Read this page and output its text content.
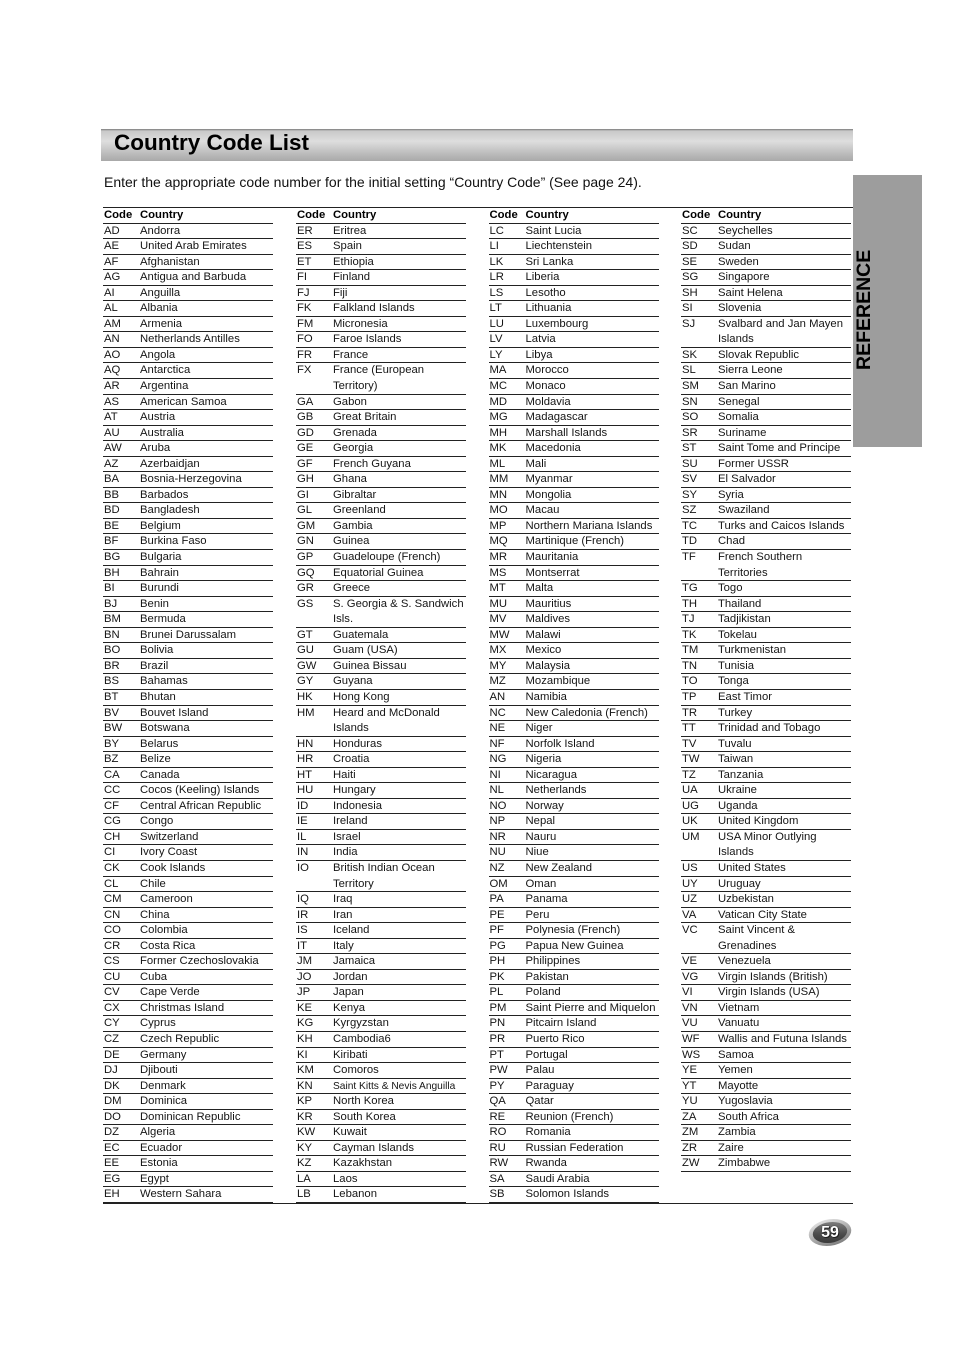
Country Code List
Enter the appropriate code number for the initial setting “Country Code” (See page 24).
REFERENCE
Code Country
AD	Andorra
AE	United Arab Emirates
AF	Afghanistan
AG	Antigua and Barbuda
AI	Anguilla
AL	Albania
AM	Armenia
AN	Netherlands Antilles
AO	Angola
AQ	Antarctica
AR	Argentina
AS	American Samoa
AT	Austria
AU	Australia
AW	Aruba
AZ	Azerbaidjan
BA	Bosnia-Herzegovina
BB	Barbados
BD	Bangladesh
BE	Belgium
BF	Burkina Faso
BG	Bulgaria
BH	Bahrain
BI	Burundi
BJ	Benin
BM	Bermuda
BN	Brunei Darussalam
BO	Bolivia
BR	Brazil
BS	Bahamas
BT	Bhutan
BV	Bouvet Island
BW	Botswana
BY	Belarus
BZ	Belize
CA	Canada
CC	Cocos (Keeling) Islands
CF	Central African Republic
CG	Congo
CH	Switzerland
CI	Ivory Coast
CK	Cook Islands
CL	Chile
CM	Cameroon
CN	China
CO	Colombia
CR	Costa Rica
CS	Former Czechoslovakia
CU	Cuba
CV	Cape Verde
CX	Christmas Island
CY	Cyprus
CZ	Czech Republic
DE	Germany
DJ	Djibouti
DK	Denmark
DM	Dominica
DO	Dominican Republic
DZ	Algeria
EC	Ecuador
EE	Estonia
EG	Egypt
EH	Western Sahara
Code Country
ER	Eritrea
ES	Spain
ET	Ethiopia
FI	Finland
FJ	Fiji
FK	Falkland Islands
FM	Micronesia
FO	Faroe Islands
FR	France
FX	France (European Territory)
GA	Gabon
GB	Great Britain
GD	Grenada
GE	Georgia
GF	French Guyana
GH	Ghana
GI	Gibraltar
GL	Greenland
GM	Gambia
GN	Guinea
GP	Guadeloupe (French)
GQ	Equatorial Guinea
GR	Greece
GS	S. Georgia & S. Sandwich Isls.
GT	Guatemala
GU	Guam (USA)
GW	Guinea Bissau
GY	Guyana
HK	Hong Kong
HM	Heard and McDonald Islands
HN	Honduras
HR	Croatia
HT	Haiti
HU	Hungary
ID	Indonesia
IE	Ireland
IL	Israel
IN	India
IO	British Indian Ocean Territory
IQ	Iraq
IR	Iran
IS	Iceland
IT	Italy
JM	Jamaica
JO	Jordan
JP	Japan
KE	Kenya
KG	Kyrgyzstan
KH	Cambodia6
KI	Kiribati
KM	Comoros
KN	Saint Kitts & Nevis Anguilla
KP	North Korea
KR	South Korea
KW	Kuwait
KY	Cayman Islands
KZ	Kazakhstan
LA	Laos
LB	Lebanon
Code Country
LC	Saint Lucia
LI	Liechtenstein
LK	Sri Lanka
LR	Liberia
LS	Lesotho
LT	Lithuania
LU	Luxembourg
LV	Latvia
LY	Libya
MA	Morocco
MC	Monaco
MD	Moldavia
MG	Madagascar
MH	Marshall Islands
MK	Macedonia
ML	Mali
MM	Myanmar
MN	Mongolia
MO	Macau
MP	Northern Mariana Islands
MQ	Martinique (French)
MR	Mauritania
MS	Montserrat
MT	Malta
MU	Mauritius
MV	Maldives
MW	Malawi
MX	Mexico
MY	Malaysia
MZ	Mozambique
AN	Namibia
NC	New Caledonia (French)
NE	Niger
NF	Norfolk Island
NG	Nigeria
NI	Nicaragua
NL	Netherlands
NO	Norway
NP	Nepal
NR	Nauru
NU	Niue
NZ	New Zealand
OM	Oman
PA	Panama
PE	Peru
PF	Polynesia (French)
PG	Papua New Guinea
PH	Philippines
PK	Pakistan
PL	Poland
PM	Saint Pierre and Miquelon
PN	Pitcairn Island
PR	Puerto Rico
PT	Portugal
PW	Palau
PY	Paraguay
QA	Qatar
RE	Reunion (French)
RO	Romania
RU	Russian Federation
RW	Rwanda
SA	Saudi Arabia
SB	Solomon Islands
Code Country
SC	Seychelles
SD	Sudan
SE	Sweden
SG	Singapore
SH	Saint Helena
SI	Slovenia
SJ	Svalbard and Jan Mayen Islands
SK	Slovak Republic
SL	Sierra Leone
SM	San Marino
SN	Senegal
SO	Somalia
SR	Suriname
ST	Saint Tome and Principe
SU	Former USSR
SV	El Salvador
SY	Syria
SZ	Swaziland
TC	Turks and Caicos Islands
TD	Chad
TF	French Southern Territories
TG	Togo
TH	Thailand
TJ	Tadjikistan
TK	Tokelau
TM	Turkmenistan
TN	Tunisia
TO	Tonga
TP	East Timor
TR	Turkey
TT	Trinidad and Tobago
TV	Tuvalu
TW	Taiwan
TZ	Tanzania
UA	Ukraine
UG	Uganda
UK	United Kingdom
UM	USA Minor Outlying Islands
US	United States
UY	Uruguay
UZ	Uzbekistan
VA	Vatican City State
VC	Saint Vincent & Grenadines
VE	Venezuela
VG	Virgin Islands (British)
VI	Virgin Islands (USA)
VN	Vietnam
VU	Vanuatu
WF	Wallis and Futuna Islands
WS	Samoa
YE	Yemen
YT	Mayotte
YU	Yugoslavia
ZA	South Africa
ZM	Zambia
ZR	Zaire
ZW	Zimbabwe
59
